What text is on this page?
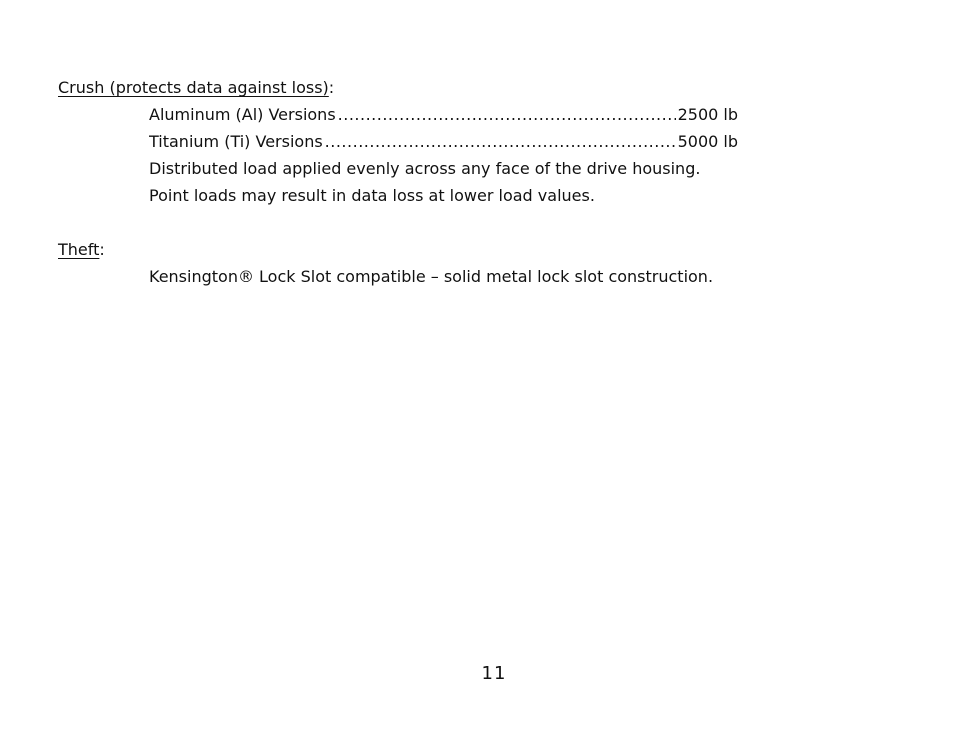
Crush (protects data against loss):
Aluminum (Al) Versions .....	2500 lb
Titanium (Ti) Versions .....	5000 lb
Distributed load applied evenly across any face of the drive housing.
Point loads may result in data loss at lower load values.
Theft:
Kensington® Lock Slot compatible – solid metal lock slot construction.
11
